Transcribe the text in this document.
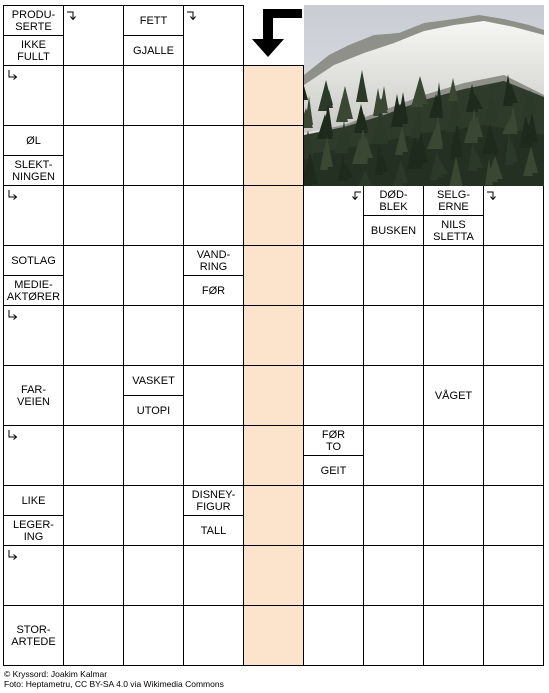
PRODU-
SERTE
IKKE
FULLT
FETT
GJALLE
ØL
SLEKT-
NINGEN
DØD-
BLEK
BUSKEN
SELG-
ERNE
NILS
SLETTA
SOTLAG
MEDIE-
AKTØRER
VAND-
RING
FØR
FAR-
VEIEN
VASKET
UTOPI
VÅGET
FØR
TO
GEIT
LIKE
LEGER-
ING
DISNEY-
FIGUR
TALL
STOR-
ARTEDE
© Kryssord: Joakim Kalmar
Foto: Heptametru, CC BY-SA 4.0 via Wikimedia Commons
